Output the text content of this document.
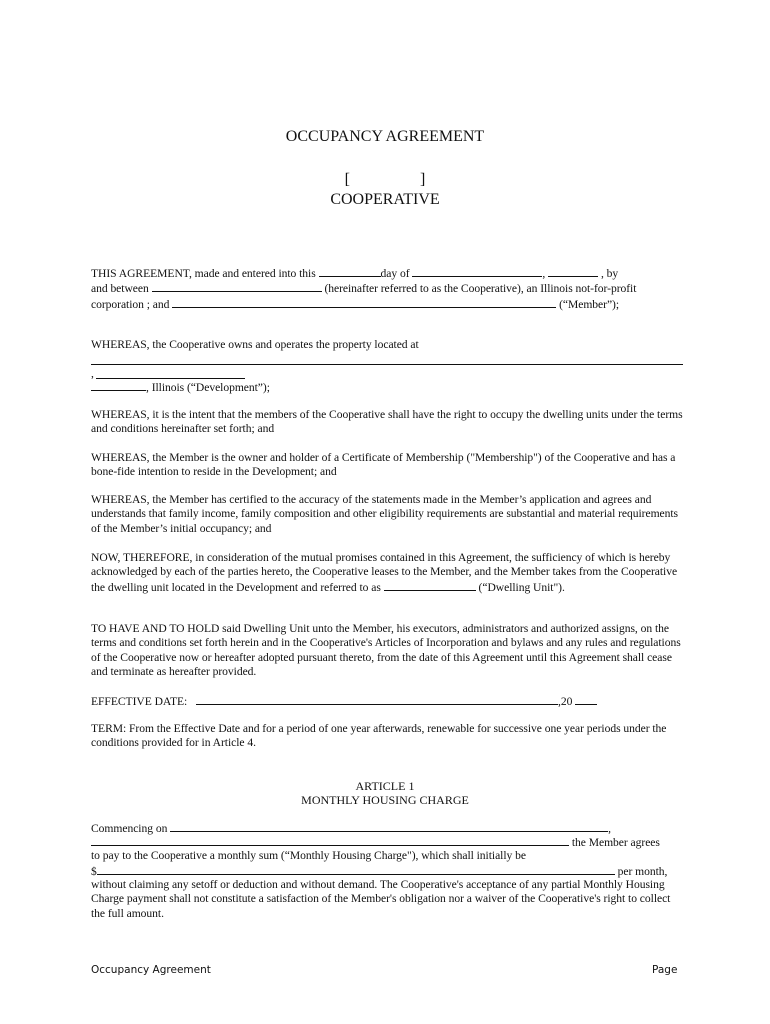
OCCUPANCY AGREEMENT
[	]
COOPERATIVE

THIS AGREEMENT, made and entered into this	day of	,	, by

and between	(hereinafter referred to as the Cooperative), an Illinois not-for-profit

corporation ; and	(“Member”);

WHEREAS, the Cooperative owns and operates the property located at
,
, Illinois (“Development”);
WHEREAS, it is the intent that the members of the Cooperative shall have the right to occupy the dwelling units under the terms and conditions hereinafter set forth; and
WHEREAS, the Member is the owner and holder of a Certificate of Membership ("Membership") of the Cooperative and has a bone-fide intention to reside in the Development; and
WHEREAS, the Member has certified to the accuracy of the statements made in the Member’s application and agrees and understands that family income, family composition and other eligibility requirements are substantial and material requirements of the Member’s initial occupancy; and
NOW, THEREFORE, in consideration of the mutual promises contained in this Agreement, the sufficiency of which is hereby acknowledged by each of the parties hereto, the Cooperative leases to the Member, and the Member takes from the Cooperative the dwelling unit located in the Development and referred to as	(“Dwelling Unit").
TO HAVE AND TO HOLD said Dwelling Unit unto the Member, his executors, administrators and authorized assigns, on the terms and conditions set forth herein and in the Cooperative's Articles of Incorporation and bylaws and any rules and regulations of the Cooperative now or hereafter adopted pursuant thereto, from the date of this Agreement until this Agreement shall cease and terminate as hereafter provided.
EFFECTIVE DATE:	,20
TERM: From the Effective Date and for a period of one year afterwards, renewable for successive one year periods under the conditions provided for in Article 4.
ARTICLE 1
MONTHLY HOUSING CHARGE
Commencing on	,
the Member agrees
to pay to the Cooperative a monthly sum (“Monthly Housing Charge"), which shall initially be
$	per month,
without claiming any setoff or deduction and without demand. The Cooperative's acceptance of any partial Monthly Housing Charge payment shall not constitute a satisfaction of the Member's obligation nor a waiver of the Cooperative's right to collect the full amount.
Occupancy Agreement	Page
